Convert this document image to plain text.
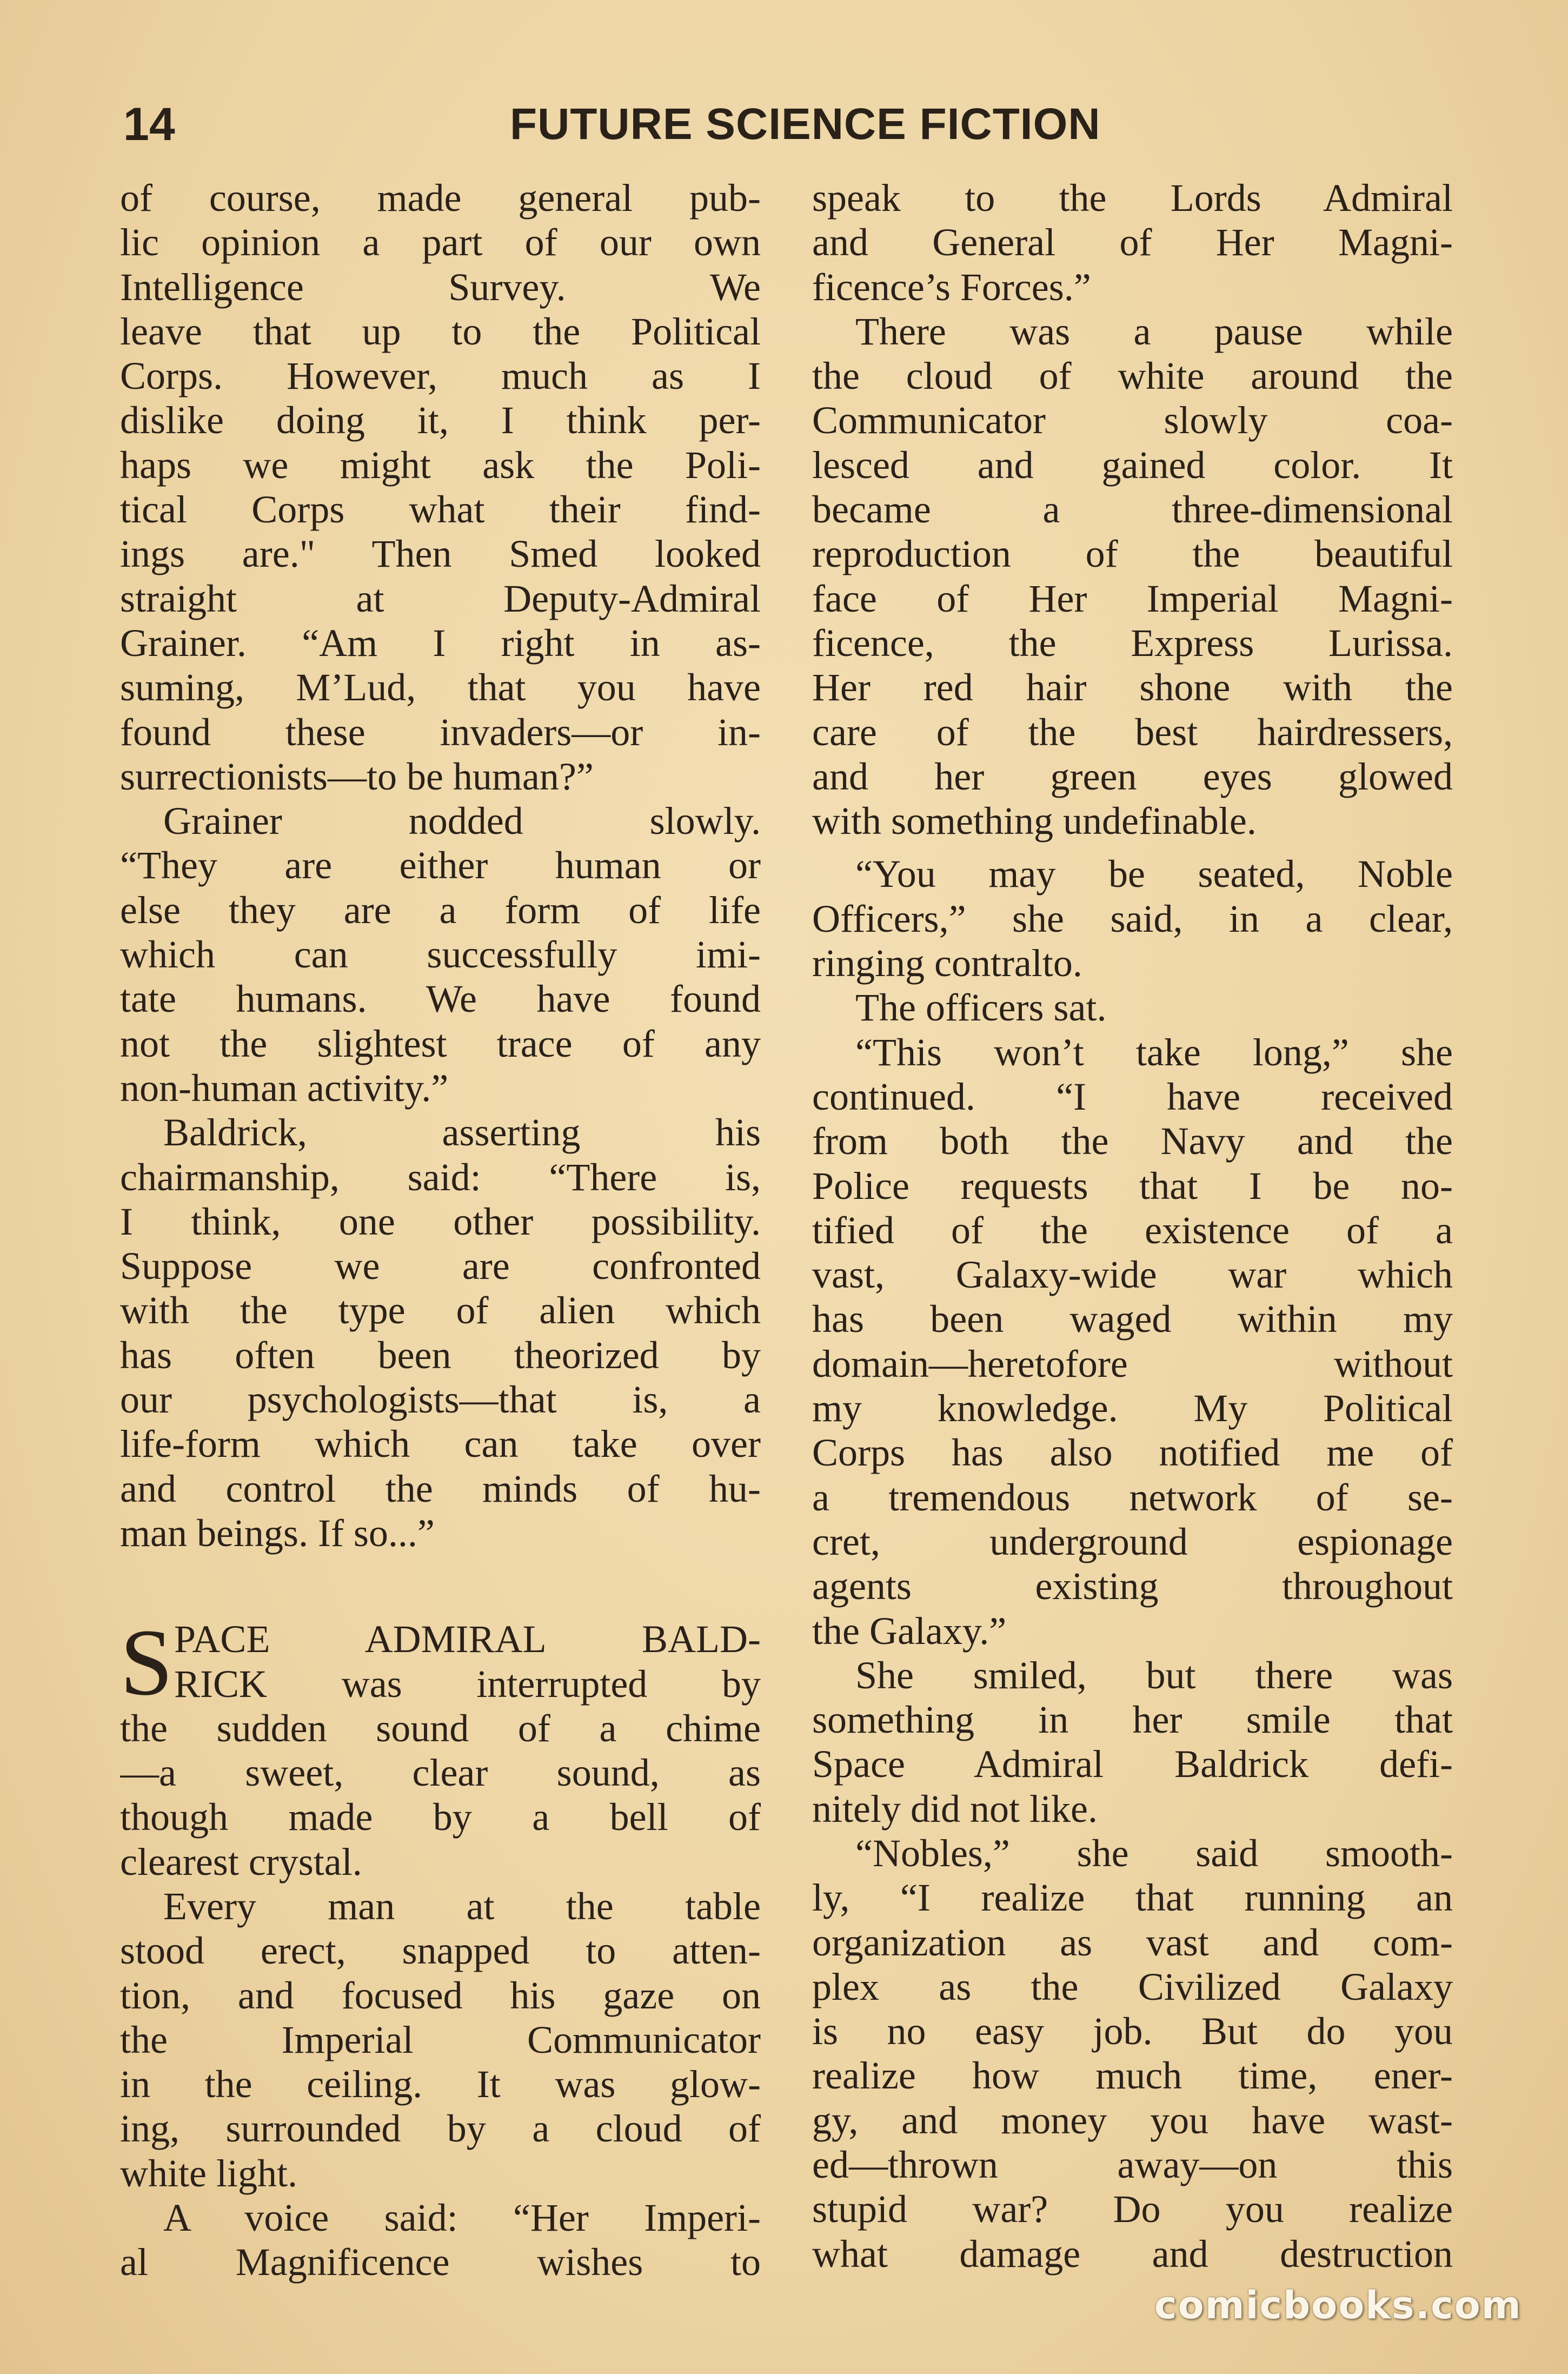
14	FUTURE SCIENCE FICTION
of course, made general pub-
lic opinion a part of our own
Intelligence Survey. We
leave that up to the Political
Corps. However, much as I
dislike doing it, I think per-
haps we might ask the Poli-
tical Corps what their find-
ings are." Then Smed looked
straight at Deputy-Admiral
Grainer. “Am I right in as-
suming, M’Lud, that you have
found these invaders—or in-
surrectionists—to be human?”
Grainer nodded slowly.
“They are either human or
else they are a form of life
which can successfully imi-
tate humans. We have found
not the slightest trace of any
non-human activity.”
Baldrick, asserting his
chairmanship, said: “There is,
I think, one other possibility.
Suppose we are confronted
with the type of alien which
has often been theorized by
our psychologists—that is, a
life-form which can take over
and control the minds of hu-
man beings. If so...”
S PACE ADMIRAL BALD-
RICK was interrupted by
the sudden sound of a chime
—a sweet, clear sound, as
though made by a bell of
clearest crystal.
Every man at the table
stood erect, snapped to atten-
tion, and focused his gaze on
the Imperial Communicator
in the ceiling. It was glow-
ing, surrounded by a cloud of
white light.
A voice said: “Her Imperi-
al Magnificence wishes to
speak to the Lords Admiral
and General of Her Magni-
ficence’s Forces.”
There was a pause while
the cloud of white around the
Communicator slowly coa-
lesced and gained color. It
became a three-dimensional
reproduction of the beautiful
face of Her Imperial Magni-
ficence, the Express Lurissa.
Her red hair shone with the
care of the best hairdressers,
and her green eyes glowed
with something undefinable.
“You may be seated, Noble
Officers,” she said, in a clear,
ringing contralto.
The officers sat.
“This won’t take long,” she
continued. “I have received
from both the Navy and the
Police requests that I be no-
tified of the existence of a
vast, Galaxy-wide war which
has been waged within my
domain—heretofore without
my knowledge. My Political
Corps has also notified me of
a tremendous network of se-
cret, underground espionage
agents existing throughout
the Galaxy.”
She smiled, but there was
something in her smile that
Space Admiral Baldrick defi-
nitely did not like.
“Nobles,” she said smooth-
ly, “I realize that running an
organization as vast and com-
plex as the Civilized Galaxy
is no easy job. But do you
realize how much time, ener-
gy, and money you have wast-
ed—thrown away—on this
stupid war? Do you realize
what damage and destruction
comicbooks.com
